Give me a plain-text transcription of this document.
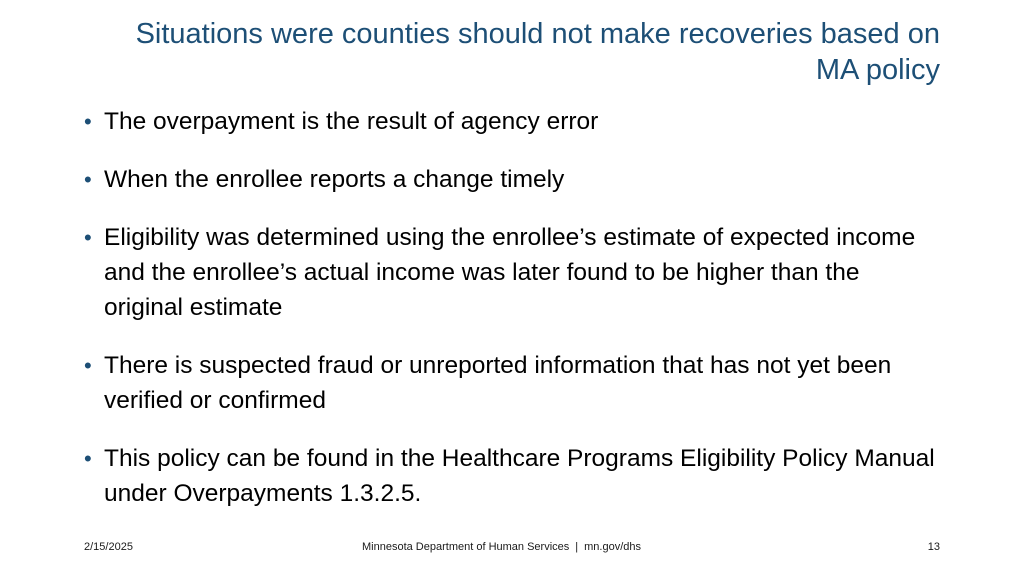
Situations were counties should not make recoveries based on MA policy
• The overpayment is the result of agency error
• When the enrollee reports a change timely
• Eligibility was determined using the enrollee’s estimate of expected income and the enrollee’s actual income was later found to be higher than the original estimate
• There is suspected fraud or unreported information that has not yet been verified or confirmed
• This policy can be found in the Healthcare Programs Eligibility Policy Manual under Overpayments 1.3.2.5.
2/15/2025	Minnesota Department of Human Services | mn.gov/dhs	13
